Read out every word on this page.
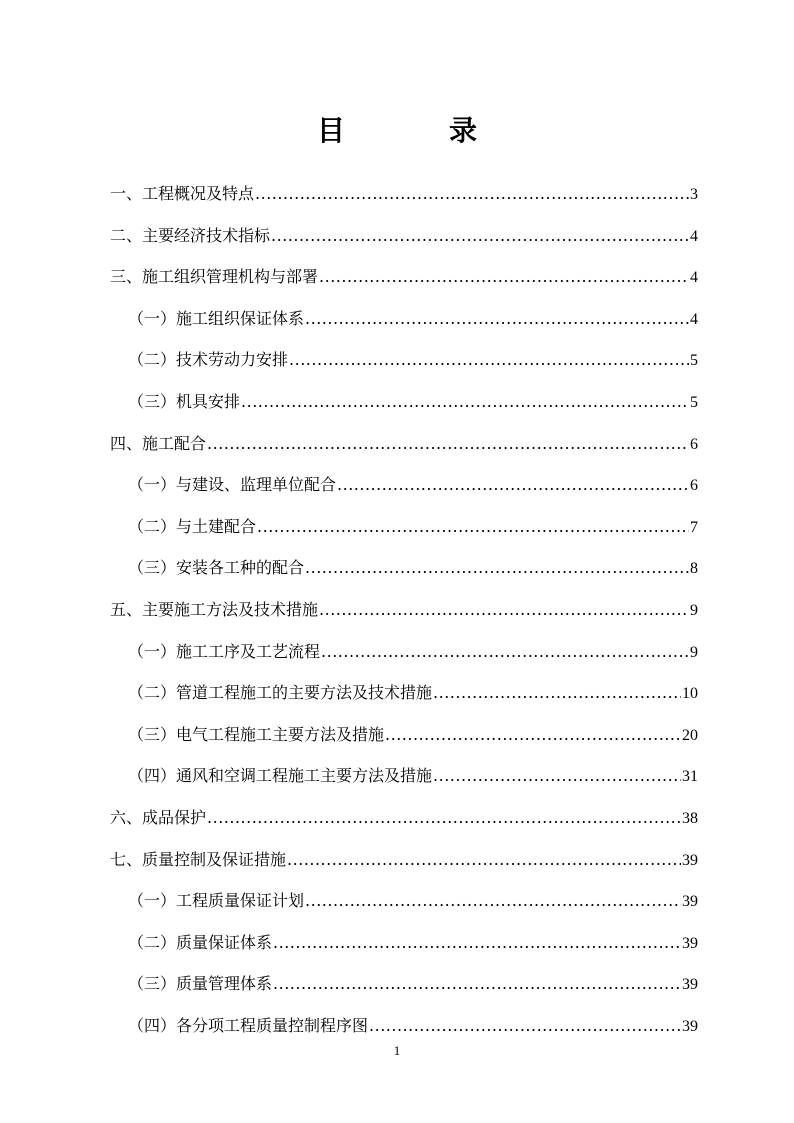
目　录
一、工程概况及特点 .....	3
二、主要经济技术指标 .....	4
三、施工组织管理机构与部署 .....	4
（一）施工组织保证体系 .....	4
（二）技术劳动力安排 .....	5
（三）机具安排 .....	5
四、施工配合 .....	6
（一）与建设、监理单位配合 .....	6
（二）与土建配合 .....	7
（三）安装各工种的配合 .....	8
五、主要施工方法及技术措施 .....	9
（一）施工工序及工艺流程 .....	9
（二）管道工程施工的主要方法及技术措施 .....	10
（三）电气工程施工主要方法及措施 .....	20
（四）通风和空调工程施工主要方法及措施 .....	31
六、成品保护 .....	38
七、质量控制及保证措施 .....	39
（一）工程质量保证计划 .....	39
（二）质量保证体系 .....	39
（三）质量管理体系 .....	39
（四）各分项工程质量控制程序图 .....	39
1
